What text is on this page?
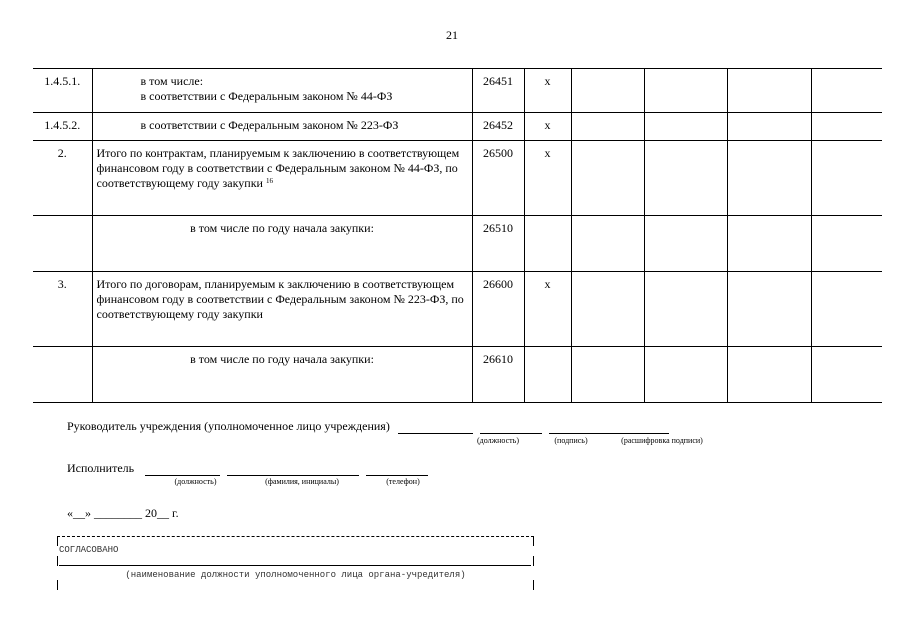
21
1.4.5.1.	в том числе:
в соответствии с Федеральным законом № 44-ФЗ	26451	х				
1.4.5.2.	в соответствии с Федеральным законом № 223-ФЗ	26452	х				
2.	Итого по контрактам, планируемым к заключению в соответствующем финансовом году в соответствии с Федеральным законом № 44-ФЗ, по соответствующему году закупки $^{16}$	26500	х				
	в том числе по году начала закупки:	26510					
3.	Итого по договорам, планируемым к заключению в соответствующем финансовом году в соответствии с Федеральным законом № 223-ФЗ, по соответствующему году закупки	26600	х				
	в том числе по году начала закупки:	26610					
Руководитель учреждения (уполномоченное лицо учреждения)
(должность)	(подпись)	(расшифровка подписи)
Исполнитель
(должность)	(фамилия, инициалы)	(телефон)
«__» ________ 20__ г.
СОГЛАСОВАНО
(наименование должности уполномоченного лица органа-учредителя)
